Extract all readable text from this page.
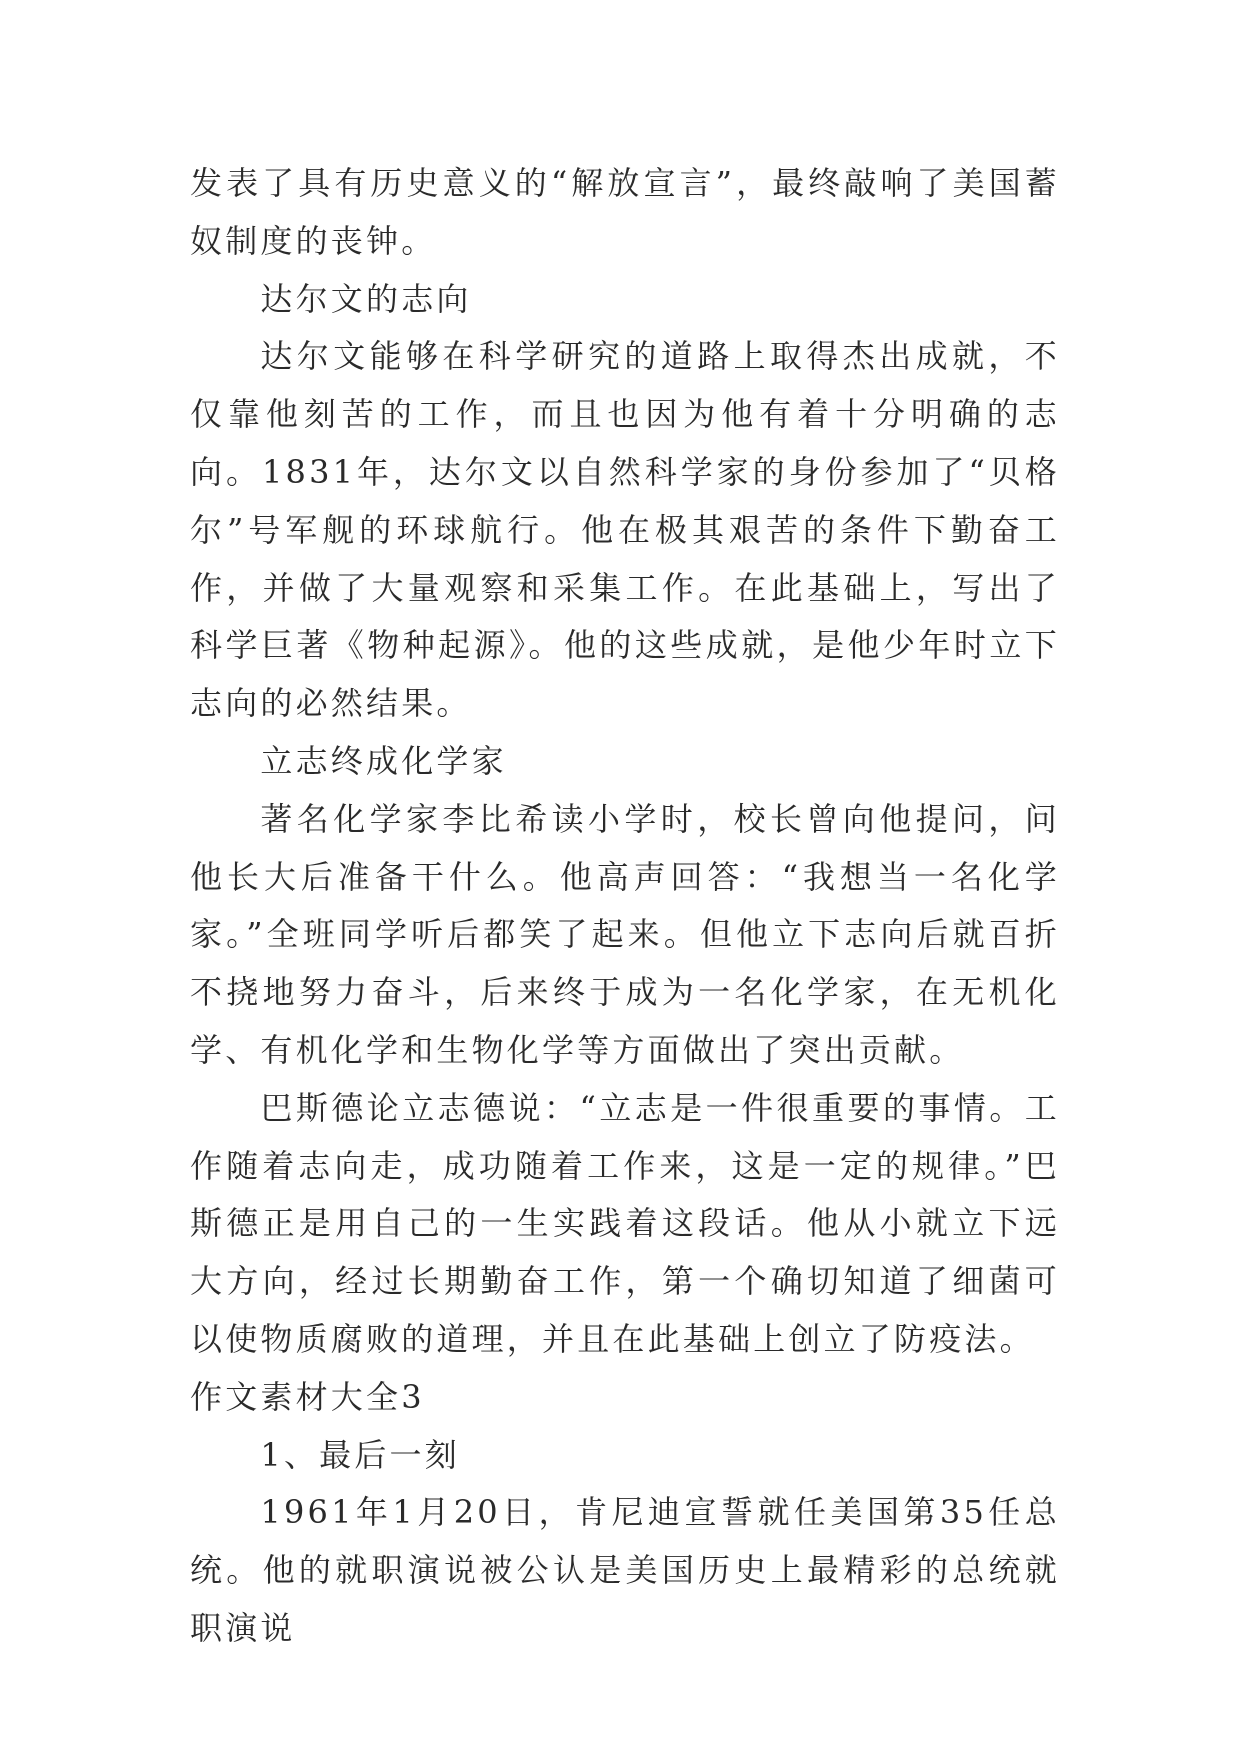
发表了具有历史意义的“解放宣言”，最终敲响了美国蓄奴制度的丧钟。

达尔文的志向

达尔文能够在科学研究的道路上取得杰出成就，不仅靠他刻苦的工作，而且也因为他有着十分明确的志向。1831年，达尔文以自然科学家的身份参加了“贝格尔”号军舰的环球航行。他在极其艰苦的条件下勤奋工作，并做了大量观察和采集工作。在此基础上，写出了科学巨著《物种起源》。他的这些成就，是他少年时立下志向的必然结果。

立志终成化学家

著名化学家李比希读小学时，校长曾向他提问，问他长大后准备干什么。他高声回答：“我想当一名化学家。”全班同学听后都笑了起来。但他立下志向后就百折不挠地努力奋斗，后来终于成为一名化学家，在无机化学、有机化学和生物化学等方面做出了突出贡献。

巴斯德论立志德说：“立志是一件很重要的事情。工作随着志向走，成功随着工作来，这是一定的规律。”巴斯德正是用自己的一生实践着这段话。他从小就立下远大方向，经过长期勤奋工作，第一个确切知道了细菌可以使物质腐败的道理，并且在此基础上创立了防疫法。

作文素材大全3

1、最后一刻

1961年1月20日，肯尼迪宣誓就任美国第35任总统。他的就职演说被公认是美国历史上最精彩的总统就职演说
